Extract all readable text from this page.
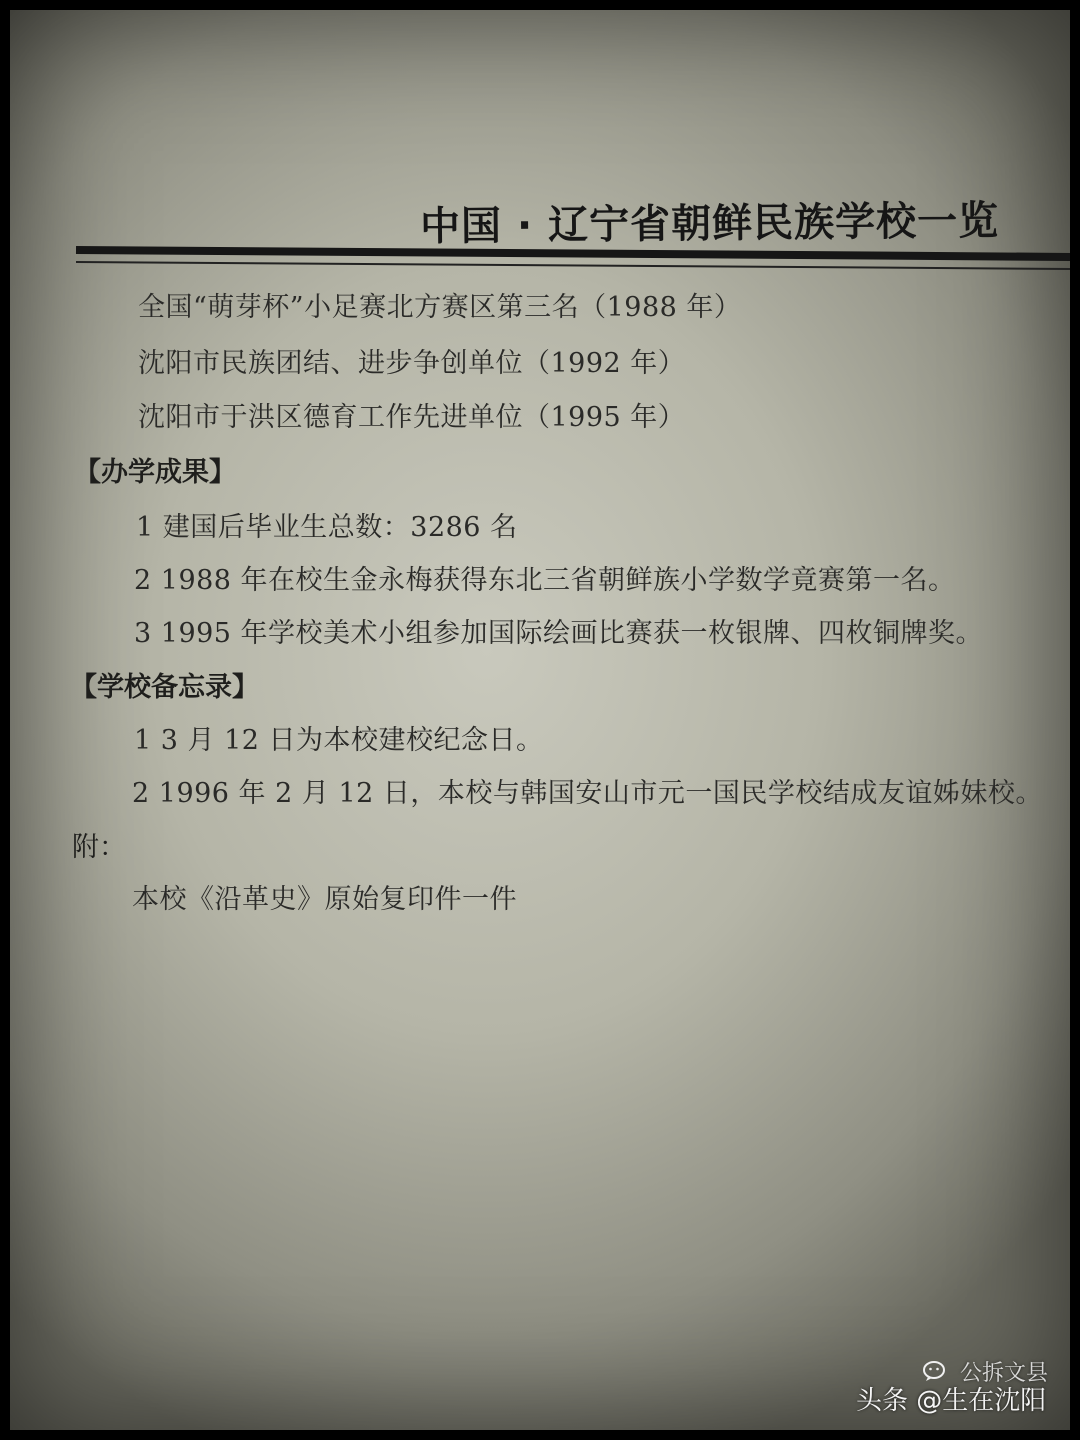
中国 · 辽宁省朝鲜民族学校一览
全国“萌芽杯”小足赛北方赛区第三名（1988 年）
沈阳市民族团结、进步争创单位（1992 年）
沈阳市于洪区德育工作先进单位（1995 年）
【办学成果】
1 建国后毕业生总数：3286 名
2 1988 年在校生金永梅获得东北三省朝鲜族小学数学竟赛第一名。
3 1995 年学校美术小组参加国际绘画比赛获一枚银牌、四枚铜牌奖。
【学校备忘录】
1 3 月 12 日为本校建校纪念日。
2 1996 年 2 月 12 日，本校与韩国安山市元一国民学校结成友谊姊妹校。
附：
本校《沿革史》原始复印件一件
公拆文县
头条 @生在沈阳
